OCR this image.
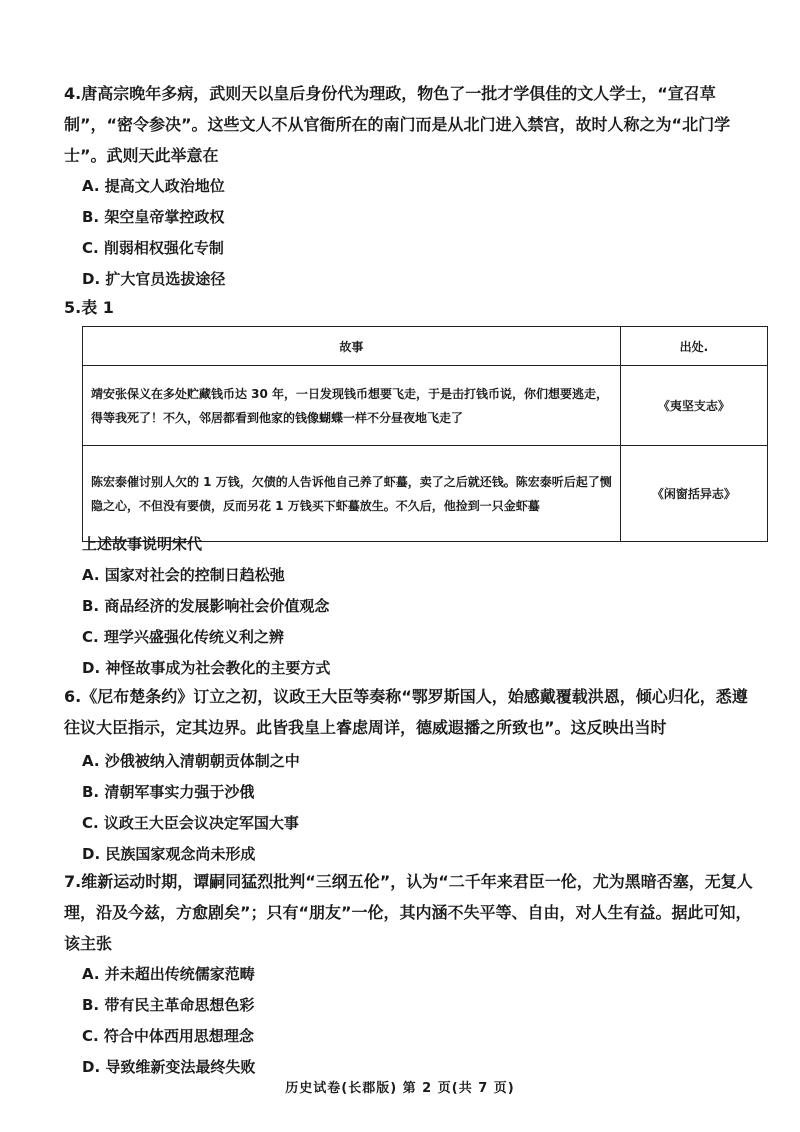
4.唐高宗晚年多病，武则天以皇后身份代为理政，物色了一批才学俱佳的文人学士，“宣召草制”，“密令参决”。这些文人不从官衙所在的南门而是从北门进入禁宫，故时人称之为“北门学士”。武则天此举意在
A. 提高文人政治地位
B. 架空皇帝掌控政权
C. 削弱相权强化专制
D. 扩大官员选拔途径
5.表 1
故事	出处.
靖安张保义在多处贮藏钱币达 30 年，一日发现钱币想要飞走，于是击打钱币说，你们想要逃走，得等我死了！不久，邻居都看到他家的钱像蝴蝶一样不分昼夜地飞走了	《夷坚支志》
陈宏泰催讨别人欠的 1 万钱，欠债的人告诉他自己养了虾蟇，卖了之后就还钱。陈宏泰听后起了恻隐之心，不但没有要债，反而另花 1 万钱买下虾蟇放生。不久后，他捡到一只金虾蟇	《闲窗括异志》
上述故事说明宋代
A. 国家对社会的控制日趋松弛
B. 商品经济的发展影响社会价值观念
C. 理学兴盛强化传统义利之辨
D. 神怪故事成为社会教化的主要方式
6.《尼布楚条约》订立之初，议政王大臣等奏称“鄂罗斯国人，始感戴覆载洪恩，倾心归化，悉遵往议大臣指示，定其边界。此皆我皇上睿虑周详，德威遐播之所致也”。这反映出当时
A. 沙俄被纳入清朝朝贡体制之中
B. 清朝军事实力强于沙俄
C. 议政王大臣会议决定军国大事
D. 民族国家观念尚未形成
7.维新运动时期，谭嗣同猛烈批判“三纲五伦”，认为“二千年来君臣一伦，尤为黑暗否塞，无复人理，沿及今兹，方愈剧矣”；只有“朋友”一伦，其内涵不失平等、自由，对人生有益。据此可知，该主张
A. 并未超出传统儒家范畴
B. 带有民主革命思想色彩
C. 符合中体西用思想理念
D. 导致维新变法最终失败
历史试卷(长郡版) 第 2 页(共 7 页)
